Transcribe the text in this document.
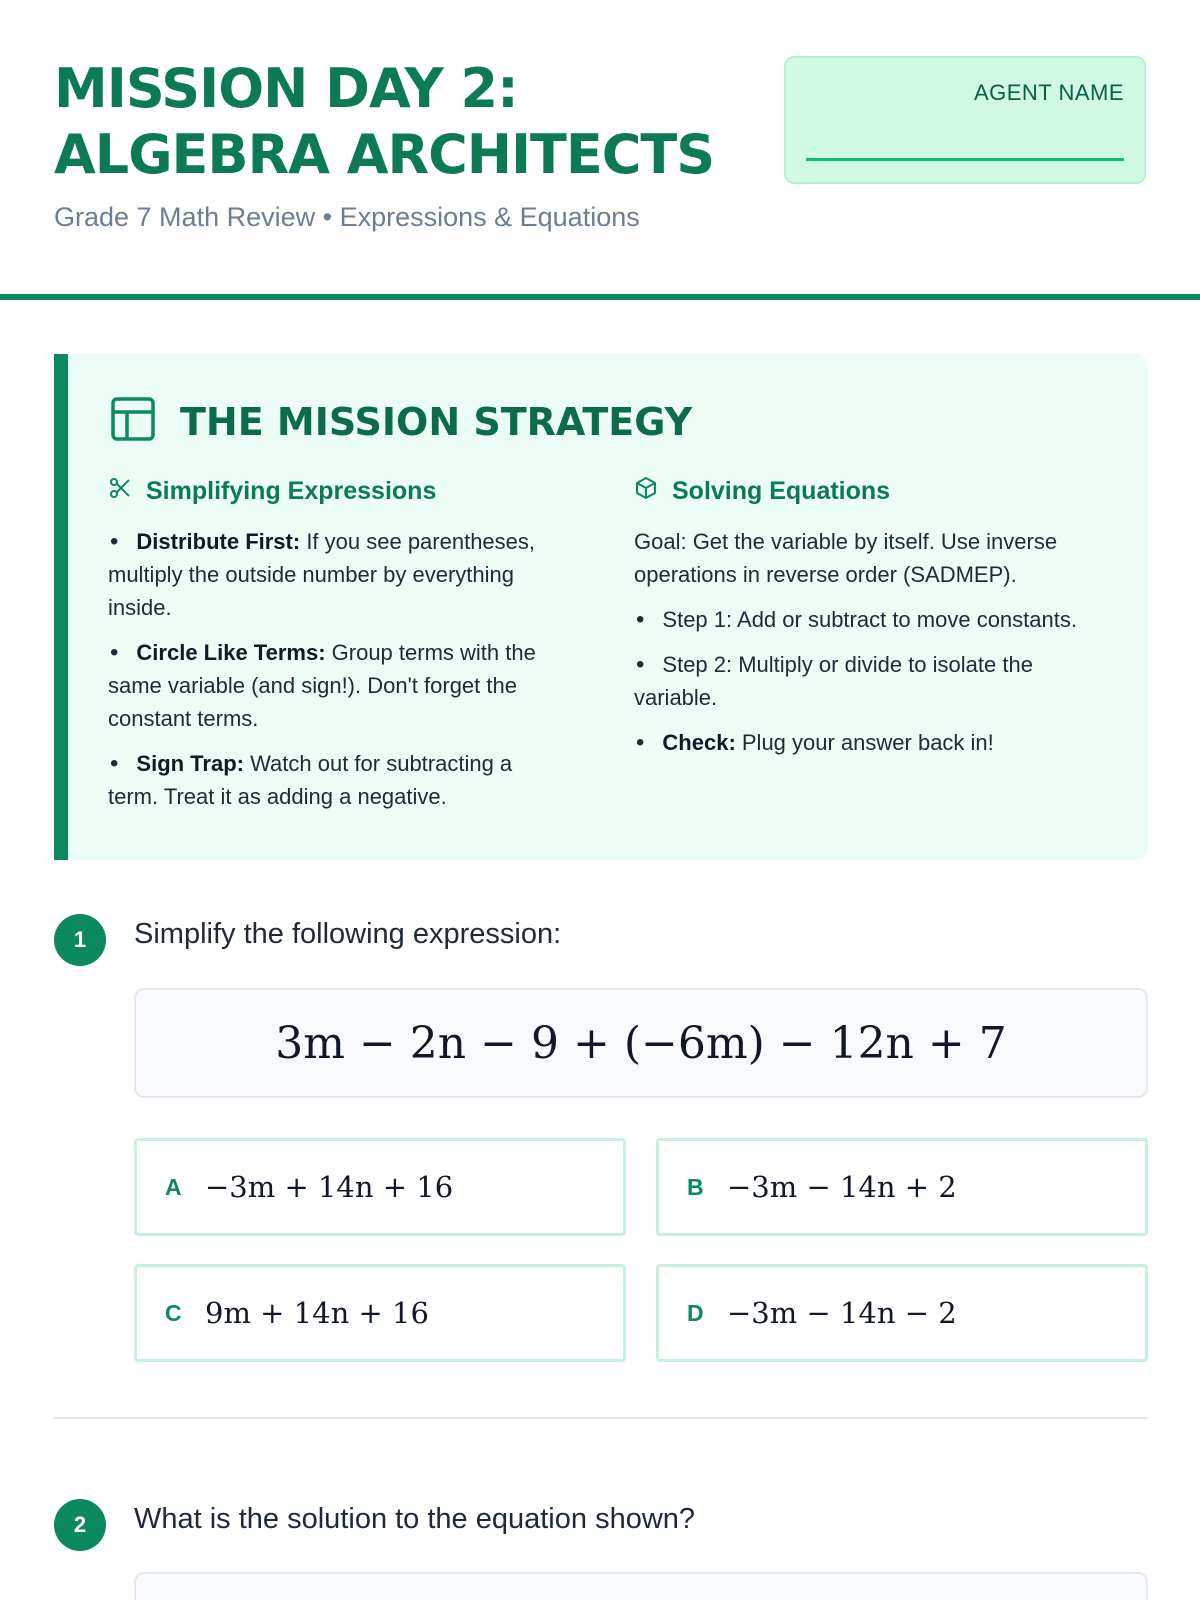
MISSION DAY 2:
ALGEBRA ARCHITECTS
Grade 7 Math Review • Expressions & Equations
AGENT NAME
THE MISSION STRATEGY
Simplifying Expressions
• Distribute First: If you see parentheses, multiply the outside number by everything inside.
• Circle Like Terms: Group terms with the same variable (and sign!). Don't forget the constant terms.
• Sign Trap: Watch out for subtracting a term. Treat it as adding a negative.
Solving Equations
Goal: Get the variable by itself. Use inverse operations in reverse order (SADMEP).
• Step 1: Add or subtract to move constants.
• Step 2: Multiply or divide to isolate the variable.
• Check: Plug your answer back in!
1	Simplify the following expression:
3m − 2n − 9 + (−6m) − 12n + 7
A −3m + 14n + 16	B −3m − 14n + 2
C 9m + 14n + 16	D −3m − 14n − 2
2	What is the solution to the equation shown?
